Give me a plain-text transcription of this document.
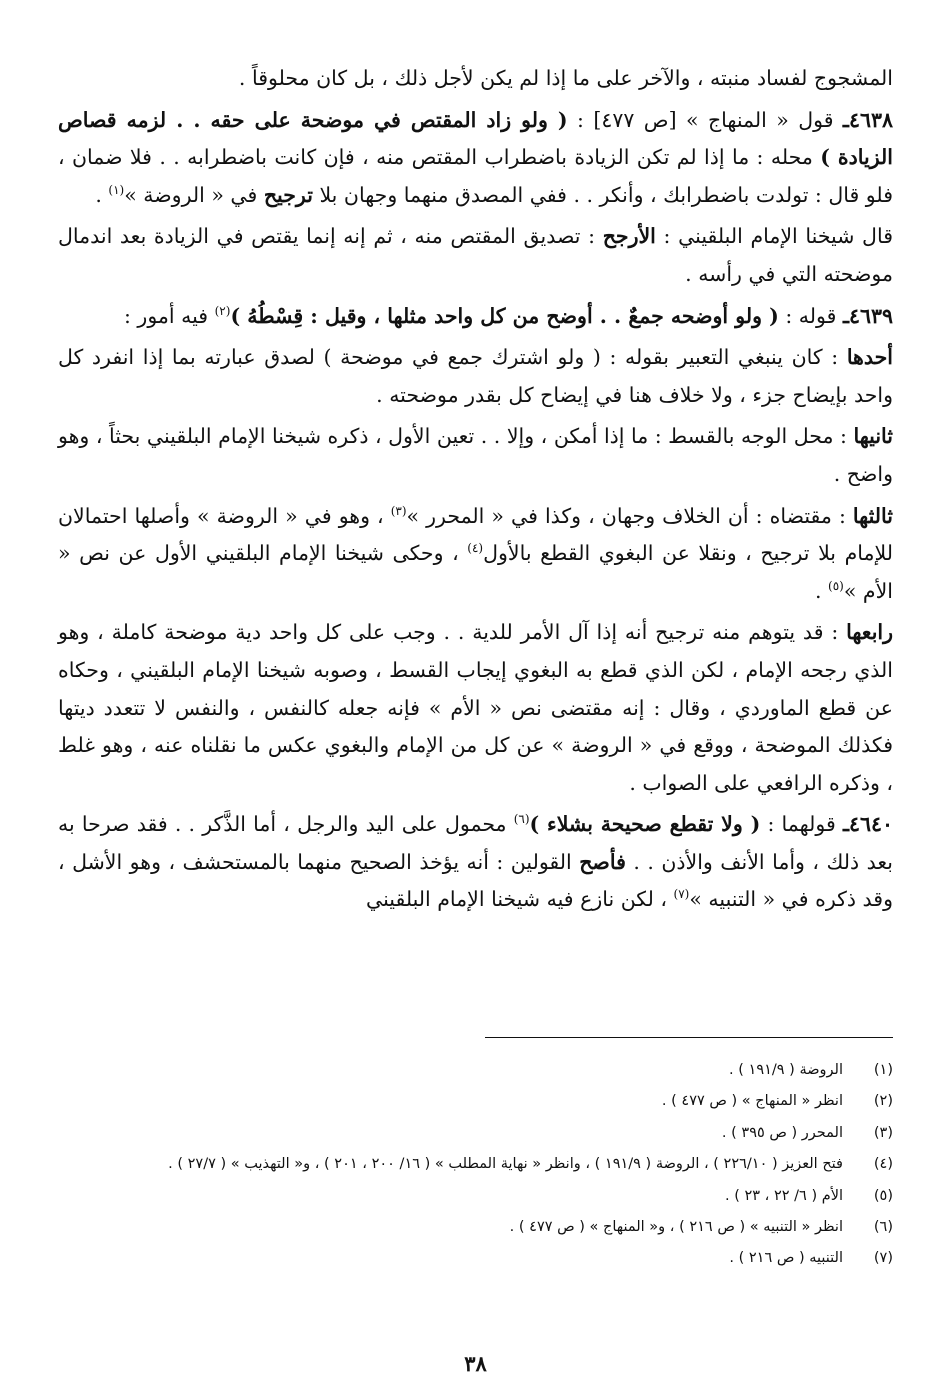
المشجوج لفساد منبته ، والآخر على ما إذا لم يكن لأجل ذلك ، بل كان محلوقاً .

٤٦٣٨ـ قول « المنهاج » [ص ٤٧٧] : ( ولو زاد المقتص في موضحة على حقه . . لزمه قصاص الزيادة ) محله : ما إذا لم تكن الزيادة باضطراب المقتص منه ، فإن كانت باضطرابه . . فلا ضمان ، فلو قال : تولدت باضطرابك ، وأنكر . . ففي المصدق منهما وجهان بلا ترجيح في « الروضة »$^{(١)}$ .

قال شيخنا الإمام البلقيني : الأرجح : تصديق المقتص منه ، ثم إنه إنما يقتص في الزيادة بعد اندمال موضحته التي في رأسه .

٤٦٣٩ـ قوله : ( ولو أوضحه جمعٌ . . أوضح من كل واحد مثلها ، وقيل : قِسْطُهُ )$^{(٢)}$ فيه أمور :

أحدها : كان ينبغي التعبير بقوله : ( ولو اشترك جمع في موضحة ) لصدق عبارته بما إذا انفرد كل واحد بإيضاح جزء ، ولا خلاف هنا في إيضاح كل بقدر موضحته .

ثانيها : محل الوجه بالقسط : ما إذا أمكن ، وإلا . . تعين الأول ، ذكره شيخنا الإمام البلقيني بحثاً ، وهو واضح .

ثالثها : مقتضاه : أن الخلاف وجهان ، وكذا في « المحرر »$^{(٣)}$ ، وهو في « الروضة » وأصلها احتمالان للإمام بلا ترجيح ، ونقلا عن البغوي القطع بالأول$^{(٤)}$ ، وحكى شيخنا الإمام البلقيني الأول عن نص « الأم »$^{(٥)}$ .

رابعها : قد يتوهم منه ترجيح أنه إذا آل الأمر للدية . . وجب على كل واحد دية موضحة كاملة ، وهو الذي رجحه الإمام ، لكن الذي قطع به البغوي إيجاب القسط ، وصوبه شيخنا الإمام البلقيني ، وحكاه عن قطع الماوردي ، وقال : إنه مقتضى نص « الأم » فإنه جعله كالنفس ، والنفس لا تتعدد ديتها فكذلك الموضحة ، ووقع في « الروضة » عن كل من الإمام والبغوي عكس ما نقلناه عنه ، وهو غلط ، وذكره الرافعي على الصواب .

٤٦٤٠ـ قولهما : ( ولا تقطع صحيحة بشلاء )$^{(٦)}$ محمول على اليد والرجل ، أما الذَّكر . . فقد صرحا به بعد ذلك ، وأما الأنف والأذن . . فأصح القولين : أنه يؤخذ الصحيح منهما بالمستحشف ، وهو الأشل ، وقد ذكره في « التنبيه »$^{(٧)}$ ، لكن نازع فيه شيخنا الإمام البلقيني

(١)
الروضة ( ١٩١/٩ ) .
(٢)
انظر « المنهاج » ( ص ٤٧٧ ) .
(٣)
المحرر ( ص ٣٩٥ ) .
(٤)
فتح العزيز ( ٢٢٦/١٠ ) ، الروضة ( ١٩١/٩ ) ، وانظر « نهاية المطلب » ( ١٦/ ٢٠٠ ، ٢٠١ ) ، و« التهذيب » ( ٢٧/٧ ) .
(٥)
الأم ( ٦/ ٢٢ ، ٢٣ ) .
(٦)
انظر « التنبيه » ( ص ٢١٦ ) ، و« المنهاج » ( ص ٤٧٧ ) .
(٧)
التنبيه ( ص ٢١٦ ) .
٣٨
